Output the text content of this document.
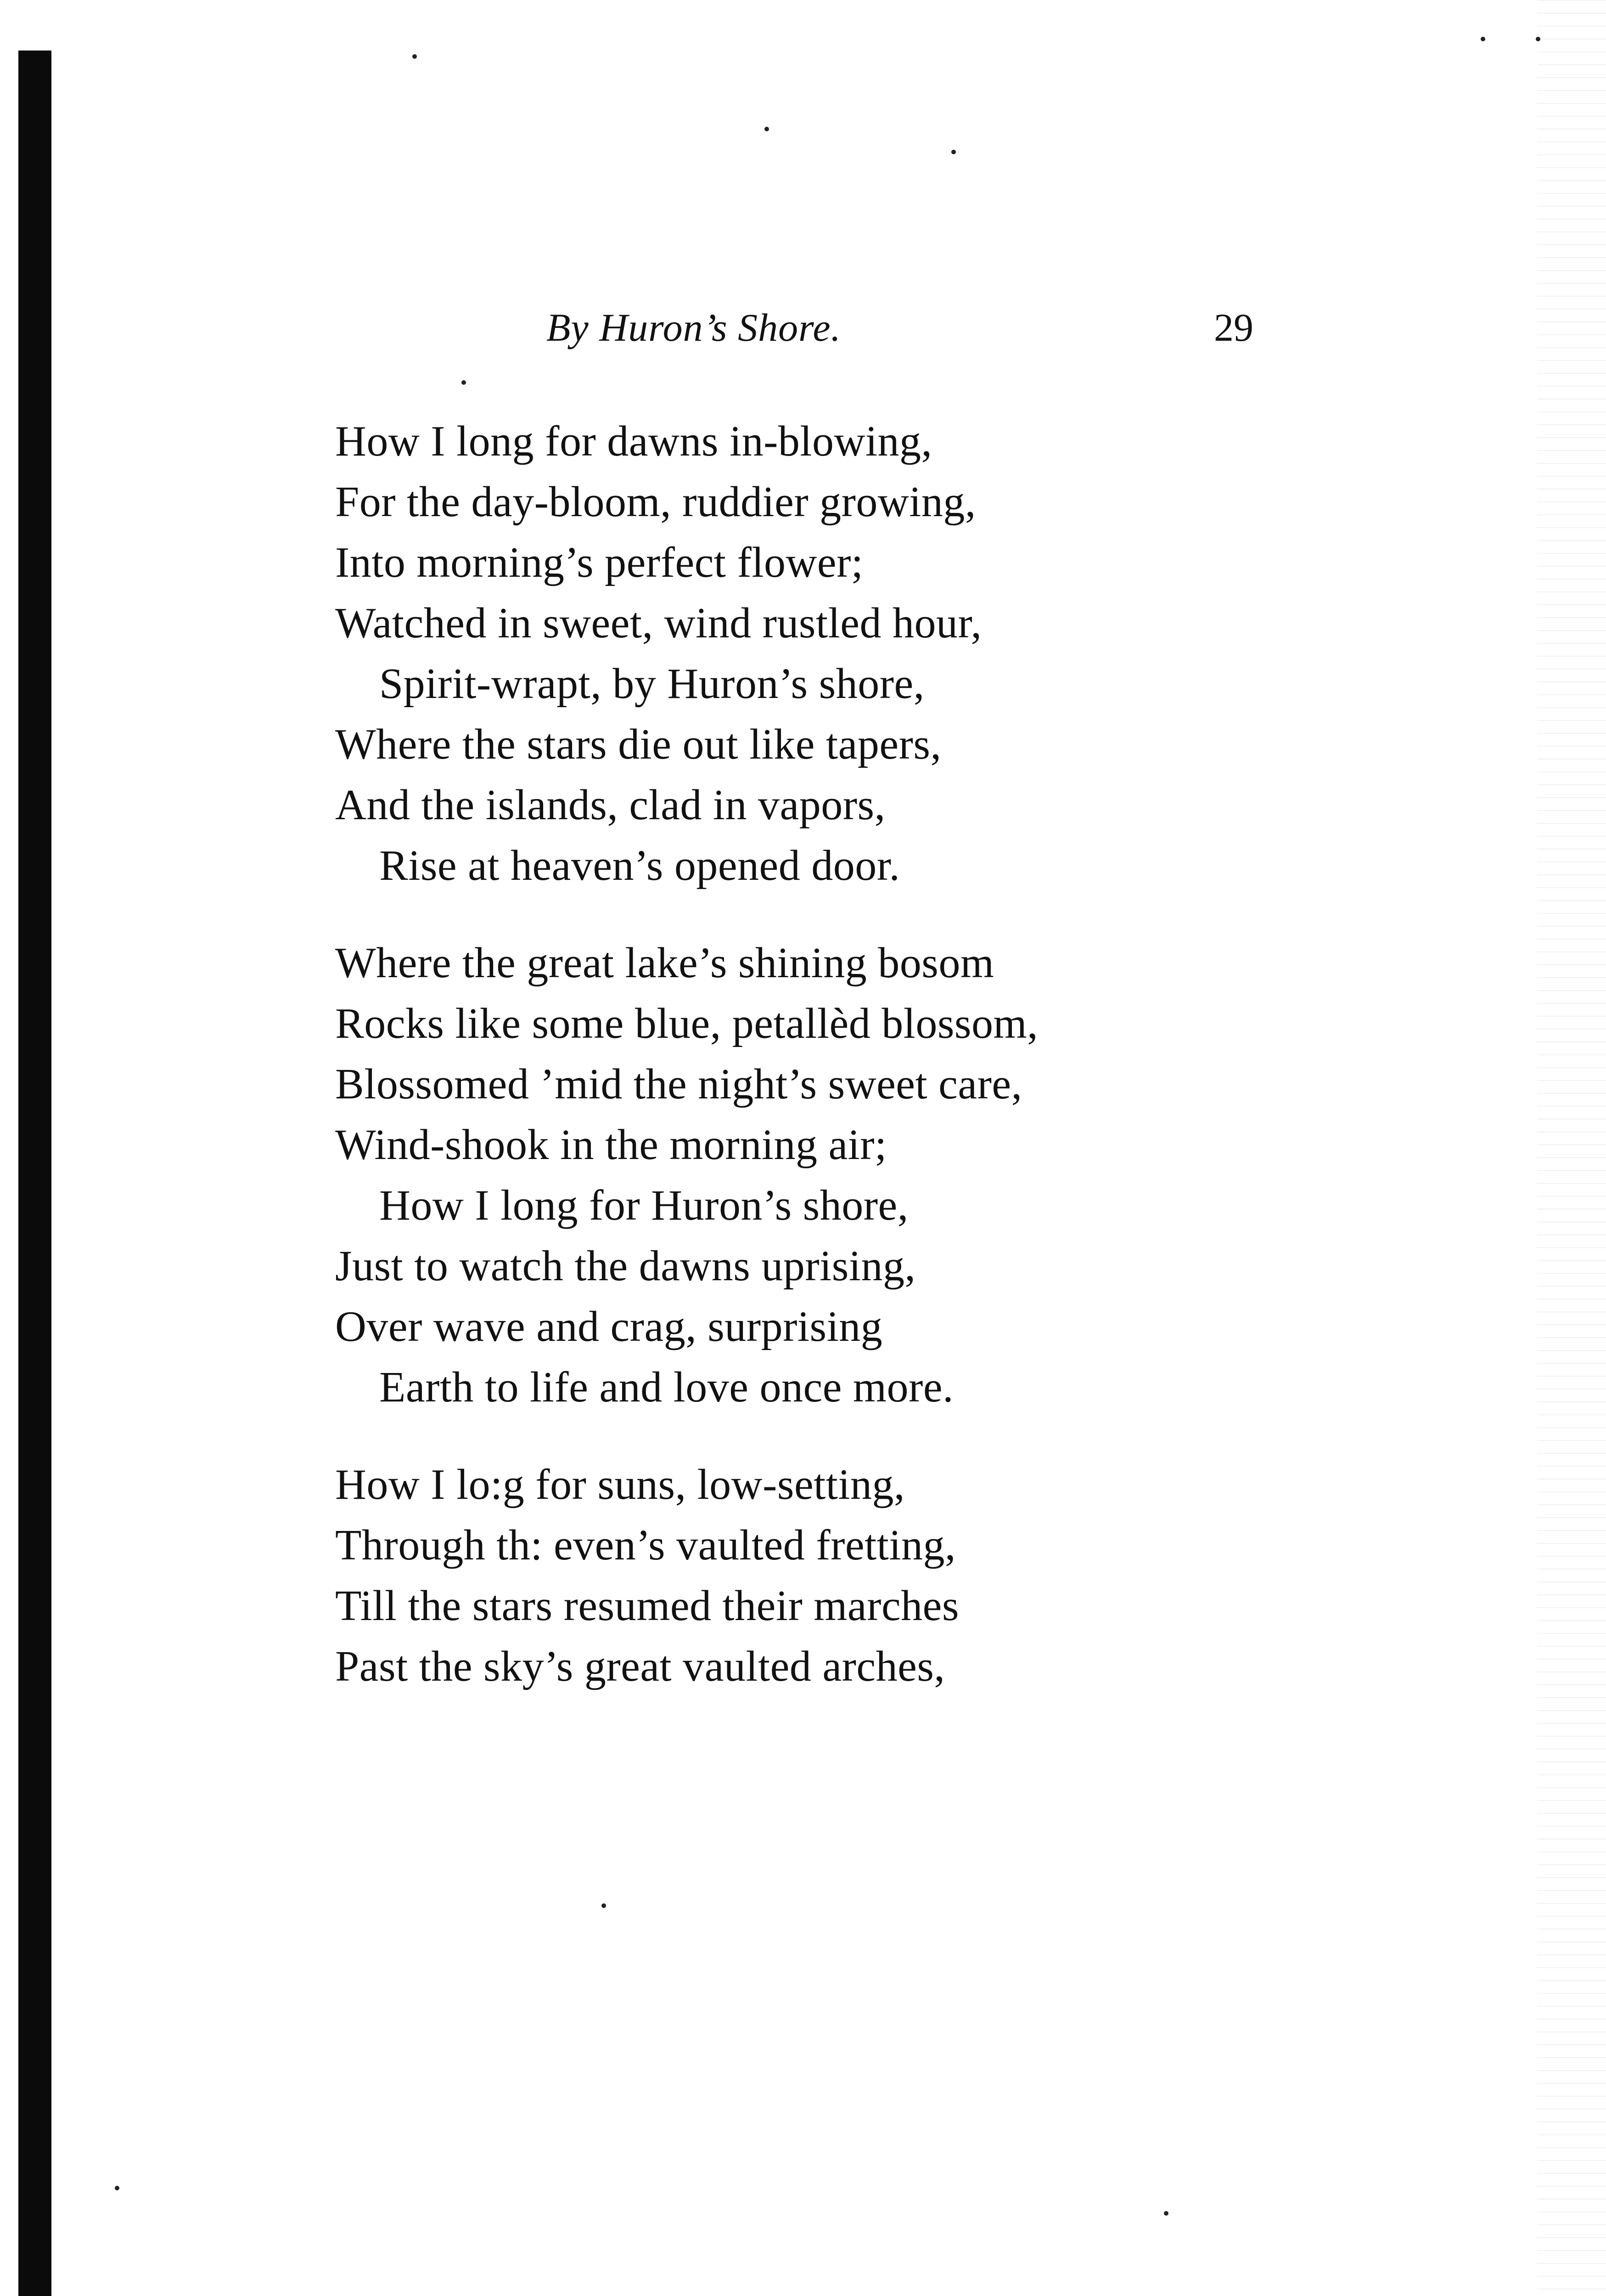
By Huron’s Shore.	29
How I long for dawns in-blowing,
For the day-bloom, ruddier growing,
Into morning’s perfect flower;
Watched in sweet, wind rustled hour,
Spirit-wrapt, by Huron’s shore,
Where the stars die out like tapers,
And the islands, clad in vapors,
Rise at heaven’s opened door.
Where the great lake’s shining bosom
Rocks like some blue, petallèd blossom,
Blossomed ’mid the night’s sweet care,
Wind-shook in the morning air;
How I long for Huron’s shore,
Just to watch the dawns uprising,
Over wave and crag, surprising
Earth to life and love once more.
How I lo:g for suns, low-setting,
Through th: even’s vaulted fretting,
Till the stars resumed their marches
Past the sky’s great vaulted arches,
